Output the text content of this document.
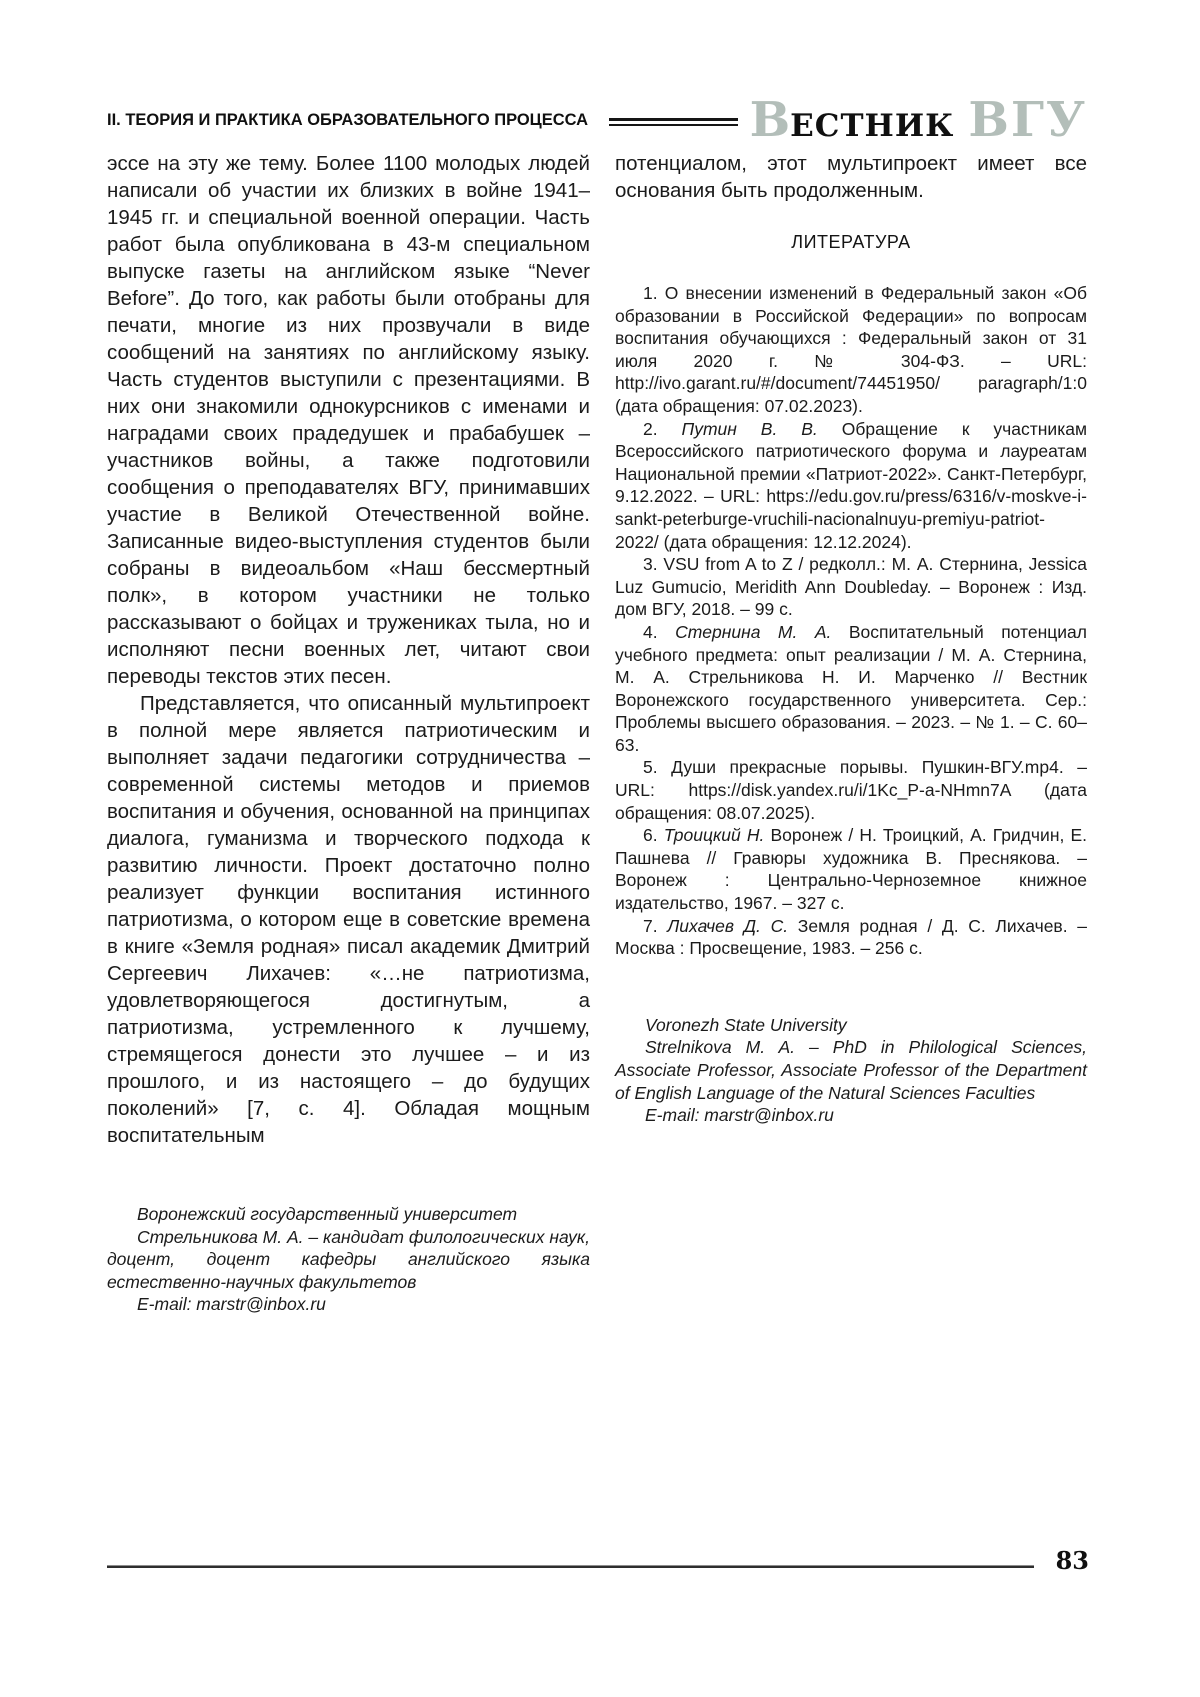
II. ТЕОРИЯ И ПРАКТИКА ОБРАЗОВАТЕЛЬНОГО ПРОЦЕССА	ВЕСТНИК ВГУ

эссе на эту же тему. Более 1100 молодых людей написали об участии их близких в войне 1941–1945 гг. и специальной военной операции. Часть работ была опубликована в 43-м специальном выпуске газеты на английском языке “Never Before”. До того, как работы были отобраны для печати, многие из них прозвучали в виде сообщений на занятиях по английскому языку. Часть студентов выступили с презентациями. В них они знакомили однокурсников с именами и наградами своих прадедушек и прабабушек – участников войны, а также подготовили сообщения о преподавателях ВГУ, принимавших участие в Великой Отечественной войне. Записанные видео-выступления студентов были собраны в видеоальбом «Наш бессмертный полк», в котором участники не только рассказывают о бойцах и тружениках тыла, но и исполняют песни военных лет, читают свои переводы текстов этих песен.

Представляется, что описанный мультипроект в полной мере является патриотическим и выполняет задачи педагогики сотрудничества – современной системы методов и приемов воспитания и обучения, основанной на принципах диалога, гуманизма и творческого подхода к развитию личности. Проект достаточно полно реализует функции воспитания истинного патриотизма, о котором еще в советские времена в книге «Земля родная» писал академик Дмитрий Сергеевич Лихачев: «…не патриотизма, удовлетворяющегося достигнутым, а патриотизма, устремленного к лучшему, стремящегося донести это лучшее – и из прошлого, и из настоящего – до будущих поколений» [7, с. 4]. Обладая мощным воспитательным

Воронежский государственный университет

Стрельникова М. А. – кандидат филологических наук, доцент, доцент кафедры английского языка естественно-научных факультетов

E-mail: marstr@inbox.ru

потенциалом, этот мультипроект имеет все основания быть продолженным.

ЛИТЕРАТУРА

1. О внесении изменений в Федеральный закон «Об образовании в Российской Федерации» по вопросам воспитания обучающихся : Федеральный закон от 31 июля 2020 г. № 304-ФЗ. – URL: http://ivo.garant.ru/#/document/74451950/ paragraph/1:0 (дата обращения: 07.02.2023).

2. Путин В. В. Обращение к участникам Всероссийского патриотического форума и лауреатам Национальной премии «Патриот-2022». Санкт-Петербург, 9.12.2022. – URL: https://edu.gov.ru/press/6316/v-moskve-i-sankt-peterburge-vruchili-nacionalnuyu-premiyu-patriot-2022/ (дата обращения: 12.12.2024).

3. VSU from A to Z / редколл.: М. А. Стернина, Jessica Luz Gumucio, Meridith Ann Doubleday. – Воронеж : Изд. дом ВГУ, 2018. – 99 с.

4. Стернина М. А. Воспитательный потенциал учебного предмета: опыт реализации / М. А. Стернина, М. А. Стрельникова Н. И. Марченко // Вестник Воронежского государственного университета. Сер.: Проблемы высшего образования. – 2023. – № 1. – С. 60–63.

5. Души прекрасные порывы. Пушкин-ВГУ.mp4. – URL: https://disk.yandex.ru/i/1Kc_P-a-NHmn7A (дата обращения: 08.07.2025).

6. Троицкий Н. Воронеж / Н. Троицкий, А. Гридчин, Е. Пашнева // Гравюры художника В. Преснякова. – Воронеж : Центрально-Черноземное книжное издательство, 1967. – 327 с.

7. Лихачев Д. С. Земля родная / Д. С. Лихачев. – Москва : Просвещение, 1983. – 256 с.

Voronezh State University

Strelnikova M. A. – PhD in Philological Sciences, Associate Professor, Associate Professor of the Department of English Language of the Natural Sciences Faculties

E-mail: marstr@inbox.ru

83
